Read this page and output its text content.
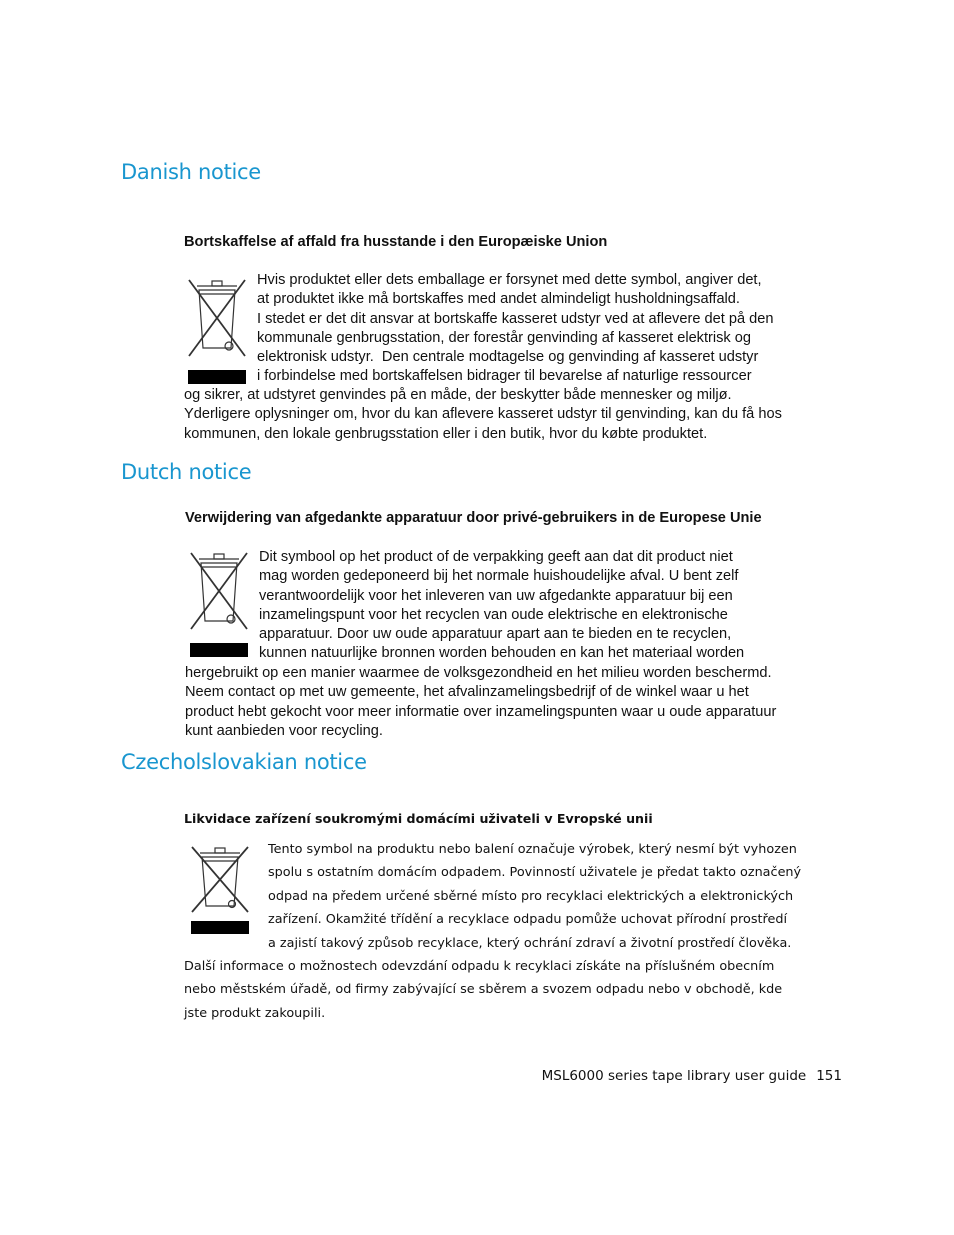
Danish notice

Bortskaffelse af affald fra husstande i den Europæiske Union

Hvis produktet eller dets emballage er forsynet med dette symbol, angiver det,
at produktet ikke må bortskaffes med andet almindeligt husholdningsaffald.
I stedet er det dit ansvar at bortskaffe kasseret udstyr ved at aflevere det på den
kommunale genbrugsstation, der forestår genvinding af kasseret elektrisk og
elektronisk udstyr.  Den centrale modtagelse og genvinding af kasseret udstyr
i forbindelse med bortskaffelsen bidrager til bevarelse af naturlige ressourcer

og sikrer, at udstyret genvindes på en måde, der beskytter både mennesker og miljø.
Yderligere oplysninger om, hvor du kan aflevere kasseret udstyr til genvinding, kan du få hos
kommunen, den lokale genbrugsstation eller i den butik, hvor du købte produktet.

Dutch notice

Verwijdering van afgedankte apparatuur door privé-gebruikers in de Europese Unie

Dit symbool op het product of de verpakking geeft aan dat dit product niet
mag worden gedeponeerd bij het normale huishoudelijke afval. U bent zelf
verantwoordelijk voor het inleveren van uw afgedankte apparatuur bij een
inzamelingspunt voor het recyclen van oude elektrische en elektronische
apparatuur. Door uw oude apparatuur apart aan te bieden en te recyclen,
kunnen natuurlijke bronnen worden behouden en kan het materiaal worden

hergebruikt op een manier waarmee de volksgezondheid en het milieu worden beschermd.
Neem contact op met uw gemeente, het afvalinzamelingsbedrijf of de winkel waar u het
product hebt gekocht voor meer informatie over inzamelingspunten waar u oude apparatuur
kunt aanbieden voor recycling.

Czecholslovakian notice

Likvidace zařízení soukromými domácími uživateli v Evropské unii

Tento symbol na produktu nebo balení označuje výrobek, který nesmí být vyhozen
spolu s ostatním domácím odpadem. Povinností uživatele je předat takto označený
odpad na předem určené sběrné místo pro recyklaci elektrických a elektronických
zařízení. Okamžité třídění a recyklace odpadu pomůže uchovat přírodní prostředí
a zajistí takový způsob recyklace, který ochrání zdraví a životní prostředí člověka.

Další informace o možnostech odevzdání odpadu k recyklaci získáte na příslušném obecním
nebo městském úřadě, od firmy zabývající se sběrem a svozem odpadu nebo v obchodě, kde
jste produkt zakoupili.

MSL6000 series tape library user guide 151
